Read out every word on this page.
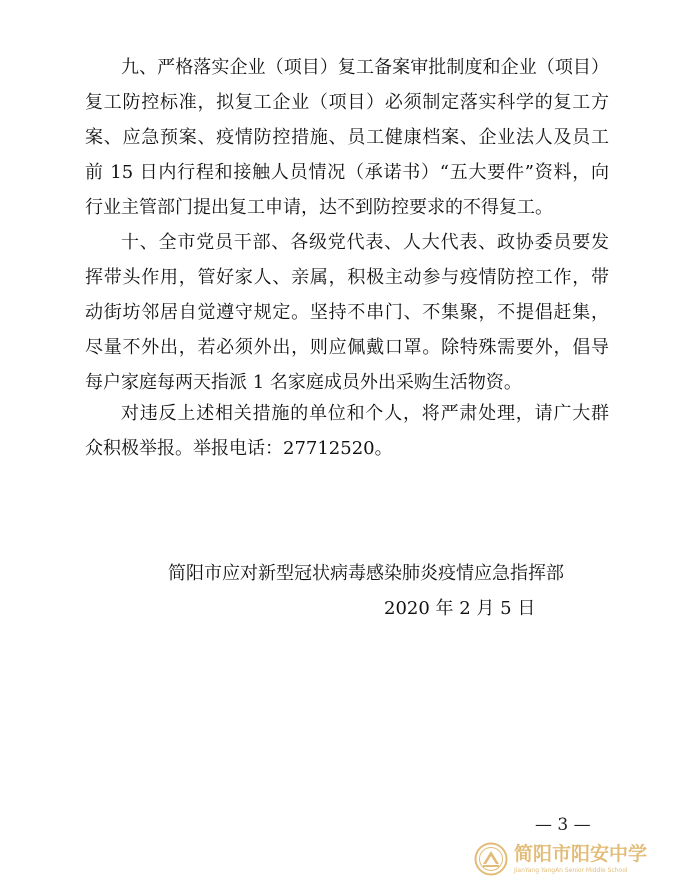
九、严格落实企业（项目）复工备案审批制度和企业（项目）
复工防控标准，拟复工企业（项目）必须制定落实科学的复工方
案、应急预案、疫情防控措施、员工健康档案、企业法人及员工
前 15 日内行程和接触人员情况（承诺书）“五大要件”资料，向
行业主管部门提出复工申请，达不到防控要求的不得复工。
十、全市党员干部、各级党代表、人大代表、政协委员要发
挥带头作用，管好家人、亲属，积极主动参与疫情防控工作，带
动街坊邻居自觉遵守规定。坚持不串门、不集聚，不提倡赶集，
尽量不外出，若必须外出，则应佩戴口罩。除特殊需要外，倡导
每户家庭每两天指派 1 名家庭成员外出采购生活物资。
对违反上述相关措施的单位和个人，将严肃处理，请广大群
众积极举报。举报电话：27712520。
简阳市应对新型冠状病毒感染肺炎疫情应急指挥部
2020 年 2 月 5 日
— 3 —
简阳市阳安中学
JianYang YangAn Senior Middle School
